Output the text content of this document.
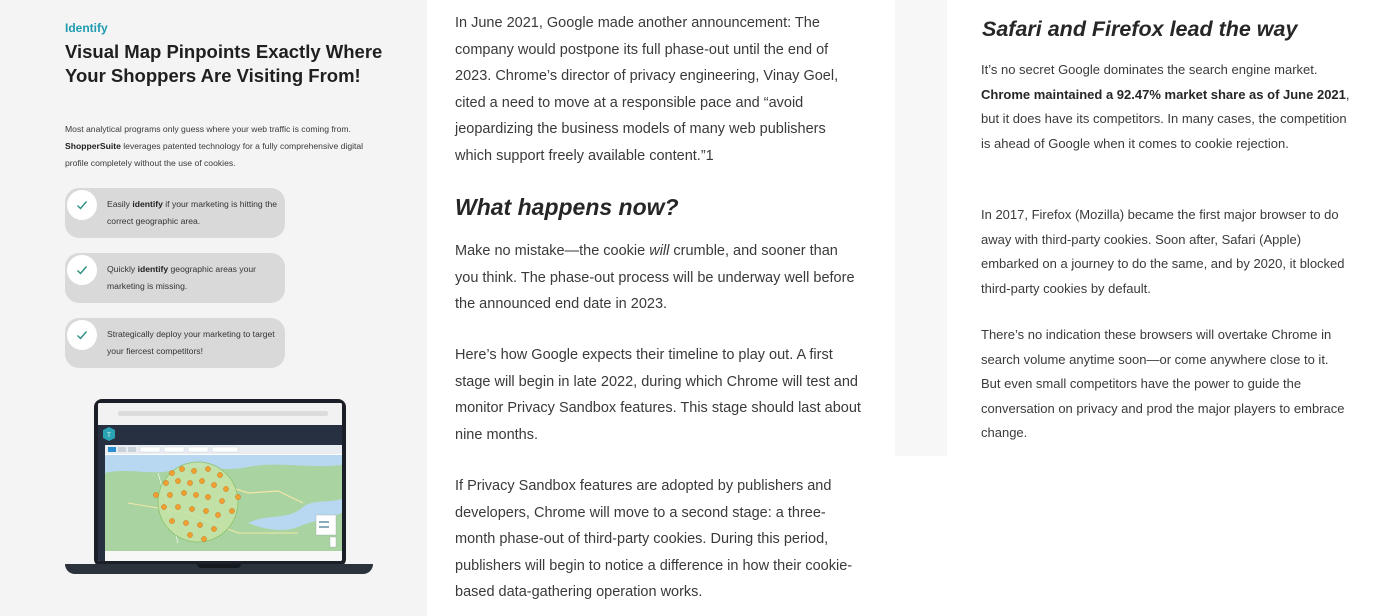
Identify
Visual Map Pinpoints Exactly Where Your Shoppers Are Visiting From!

Most analytical programs only guess where your web traffic is coming from.
ShopperSuite leverages patented technology for a fully comprehensive digital profile completely without the use of cookies.

Easily identify if your marketing is hitting the correct geographic area.
Quickly identify geographic areas your marketing is missing.
Strategically deploy your marketing to target your fiercest competitors!
T

In June 2021, Google made another announcement: The company would postpone its full phase-out until the end of 2023. Chrome’s director of privacy engineering, Vinay Goel, cited a need to move at a responsible pace and “avoid jeopardizing the business models of many web publishers which support freely available content.”1

What happens now?

Make no mistake—the cookie will crumble, and sooner than you think. The phase-out process will be underway well before the announced end date in 2023.

Here’s how Google expects their timeline to play out. A first stage will begin in late 2022, during which Chrome will test and monitor Privacy Sandbox features. This stage should last about nine months.

If Privacy Sandbox features are adopted by publishers and developers, Chrome will move to a second stage: a three-month phase-out of third-party cookies. During this period, publishers will begin to notice a difference in how their cookie-based data-gathering operation works.

Safari and Firefox lead the way

It’s no secret Google dominates the search engine market. Chrome maintained a 92.47% market share as of June 2021, but it does have its competitors. In many cases, the competition is ahead of Google when it comes to cookie rejection.

In 2017, Firefox (Mozilla) became the first major browser to do away with third-party cookies. Soon after, Safari (Apple) embarked on a journey to do the same, and by 2020, it blocked third-party cookies by default.

There’s no indication these browsers will overtake Chrome in search volume anytime soon—or come anywhere close to it. But even small competitors have the power to guide the conversation on privacy and prod the major players to embrace change.
